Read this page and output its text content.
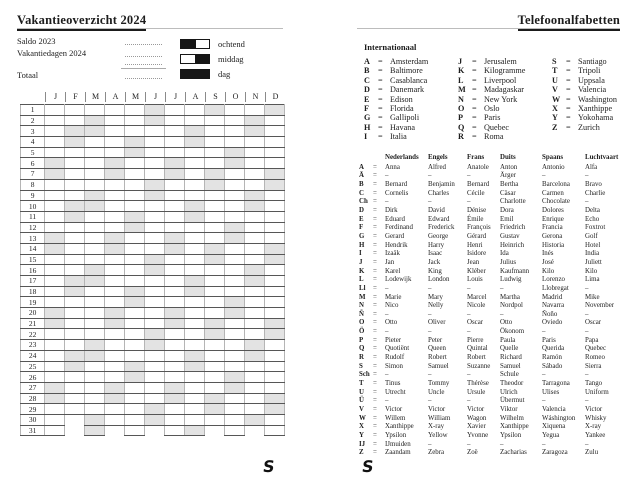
Vakantieoverzicht 2024
Saldo 2023
Vakantiedagen 2024
Totaal
ochtend
middag
dag
J	F	M	A	M	J	J	A	S	O	N	D
1												
2												
3												
4												
5												
6												
7												
8												
9												
10												
11												
12												
13												
14												
15												
16												
17												
18												
19												
20												
21												
22												
23												
24												
25												
26												
27												
28												
29												
30												
31												
S
Telefoonalfabetten
Internationaal
A = Amsterdam
B	= Baltimore
C = Casablanca
D = Danemark
E	= Edison
F	= Florida
G = Gallipoli
H = Havana
I	= Italia
J	= Jerusalem
K = Kilogramme
L	= Liverpool
M = Madagaskar
N = New York
O = Oslo
P	= Paris
Q = Quebec
R = Roma
S	= Santiago
T	= Tripoli
U = Uppsala
V = Valencia
W = Washington
X = Xanthippe
Y = Yokohama
Z	= Zurich
Nederlands	Engels	Frans	Duits	Spaans	Luchtvaart
A	=	Anna	Alfred	Anatole	Anton	Antonio	Alfa
Ä	=	–	–	–	Ärger	–	–
B	=	Bernard	Benjamin	Bernard	Bertha	Barcelona	Bravo
C	=	Cornelis	Charles	Cécile	Cäsar	Carmen	Charlie
Ch =	–	–	–	Charlotte	Chocolate	–
D	=	Dirk	David	Dénise	Dora	Dolores	Delta
E	=	Eduard	Edward	Émile	Emil	Enrique	Echo
F	=	Ferdinand	Frederick	François	Friedrich	Francia	Foxtrot
G	=	Gerard	George	Gérard	Gustav	Gerona	Golf
H	=	Hendrik	Harry	Henri	Heinrich	Historia	Hotel
I	=	Izaäk	Isaac	Isidore	Ida	Inés	India
J	=	Jan	Jack	Jean	Julius	José	Juliett
K	=	Karel	King	Kléber	Kaufmann	Kilo	Kilo
L	=	Lodewijk	London	Louis	Ludwig	Lorenzo	Lima
Ll	=	–	–	–	–	Llobregat	–
M	=	Marie	Mary	Marcel	Martha	Madrid	Mike
N	=	Nico	Nelly	Nicole	Nordpol	Navarra	November
Ñ	=	–	–	–	–	Ñoño	–
O	=	Otto	Oliver	Oscar	Otto	Oviedo	Oscar
Ö	=	–	–	–	Ökonom	–	–
P	=	Pieter	Peter	Pierre	Paula	Paris	Papa
Q	=	Quotiënt	Queen	Quintal	Quelle	Querida	Quebec
R	=	Rudolf	Robert	Robert	Richard	Ramón	Romeo
S	=	Simon	Samuel	Suzanne	Samuel	Sábado	Sierra
Sch =	–	–	–	Schule	–	–
T	=	Tinus	Tommy	Thérèse	Theodor	Tarragona	Tango
U	=	Utrecht	Uncle	Ursule	Ulrich	Ulises	Uniform
Ü	=	–	–	–	Übermut	–	–
V	=	Victor	Victor	Victor	Viktor	Valencia	Victor
W	=	Willem	William	Wagon	Wilhelm	Wáshington	Whisky
X	=	Xanthippe	X-ray	Xavier	Xanthippe	Xiquena	X-ray
Y	=	Ypsilon	Yellow	Yvonne	Ypsilon	Yegua	Yankee
IJ	=	IJmuiden	–	–	–	–	–
Z	=	Zaandam	Zebra	Zoë	Zacharias	Zaragoza	Zulu
S
